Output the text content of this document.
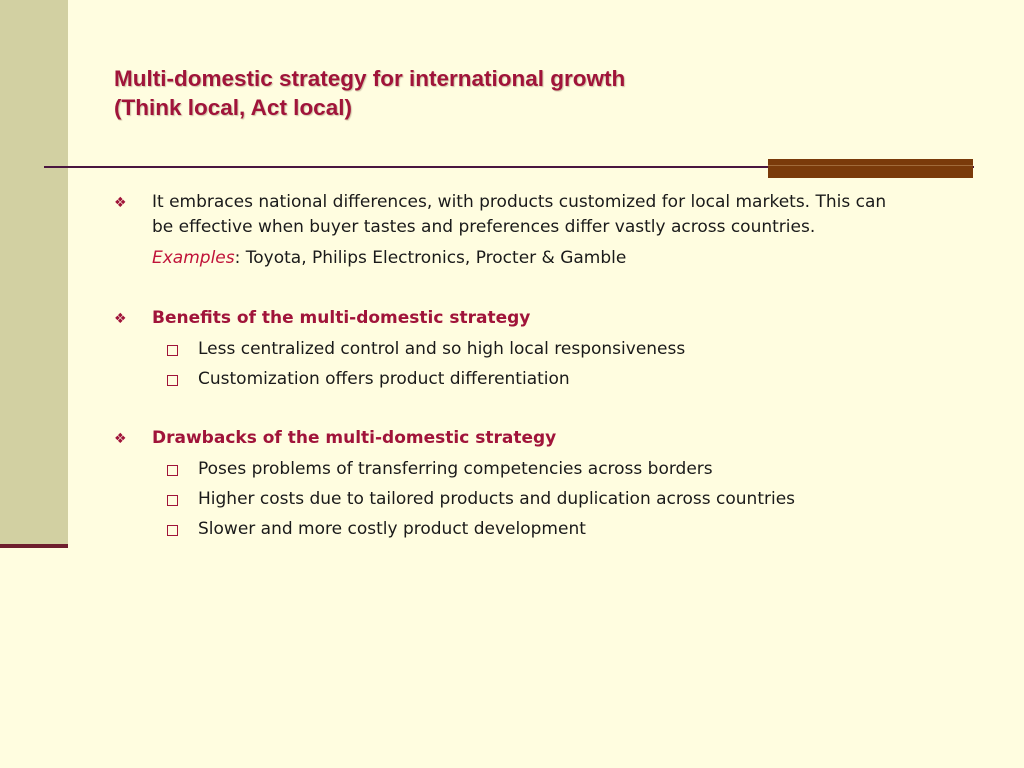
Multi-domestic strategy for international growth
(Think local, Act local)
❖ It embraces national differences, with products customized for local markets. This can
be effective when buyer tastes and preferences differ vastly across countries.
Examples: Toyota, Philips Electronics, Procter & Gamble
❖ Benefits of the multi-domestic strategy
Less centralized control and so high local responsiveness
Customization offers product differentiation
❖ Drawbacks of the multi-domestic strategy
Poses problems of transferring competencies across borders
Higher costs due to tailored products and duplication across countries
Slower and more costly product development
